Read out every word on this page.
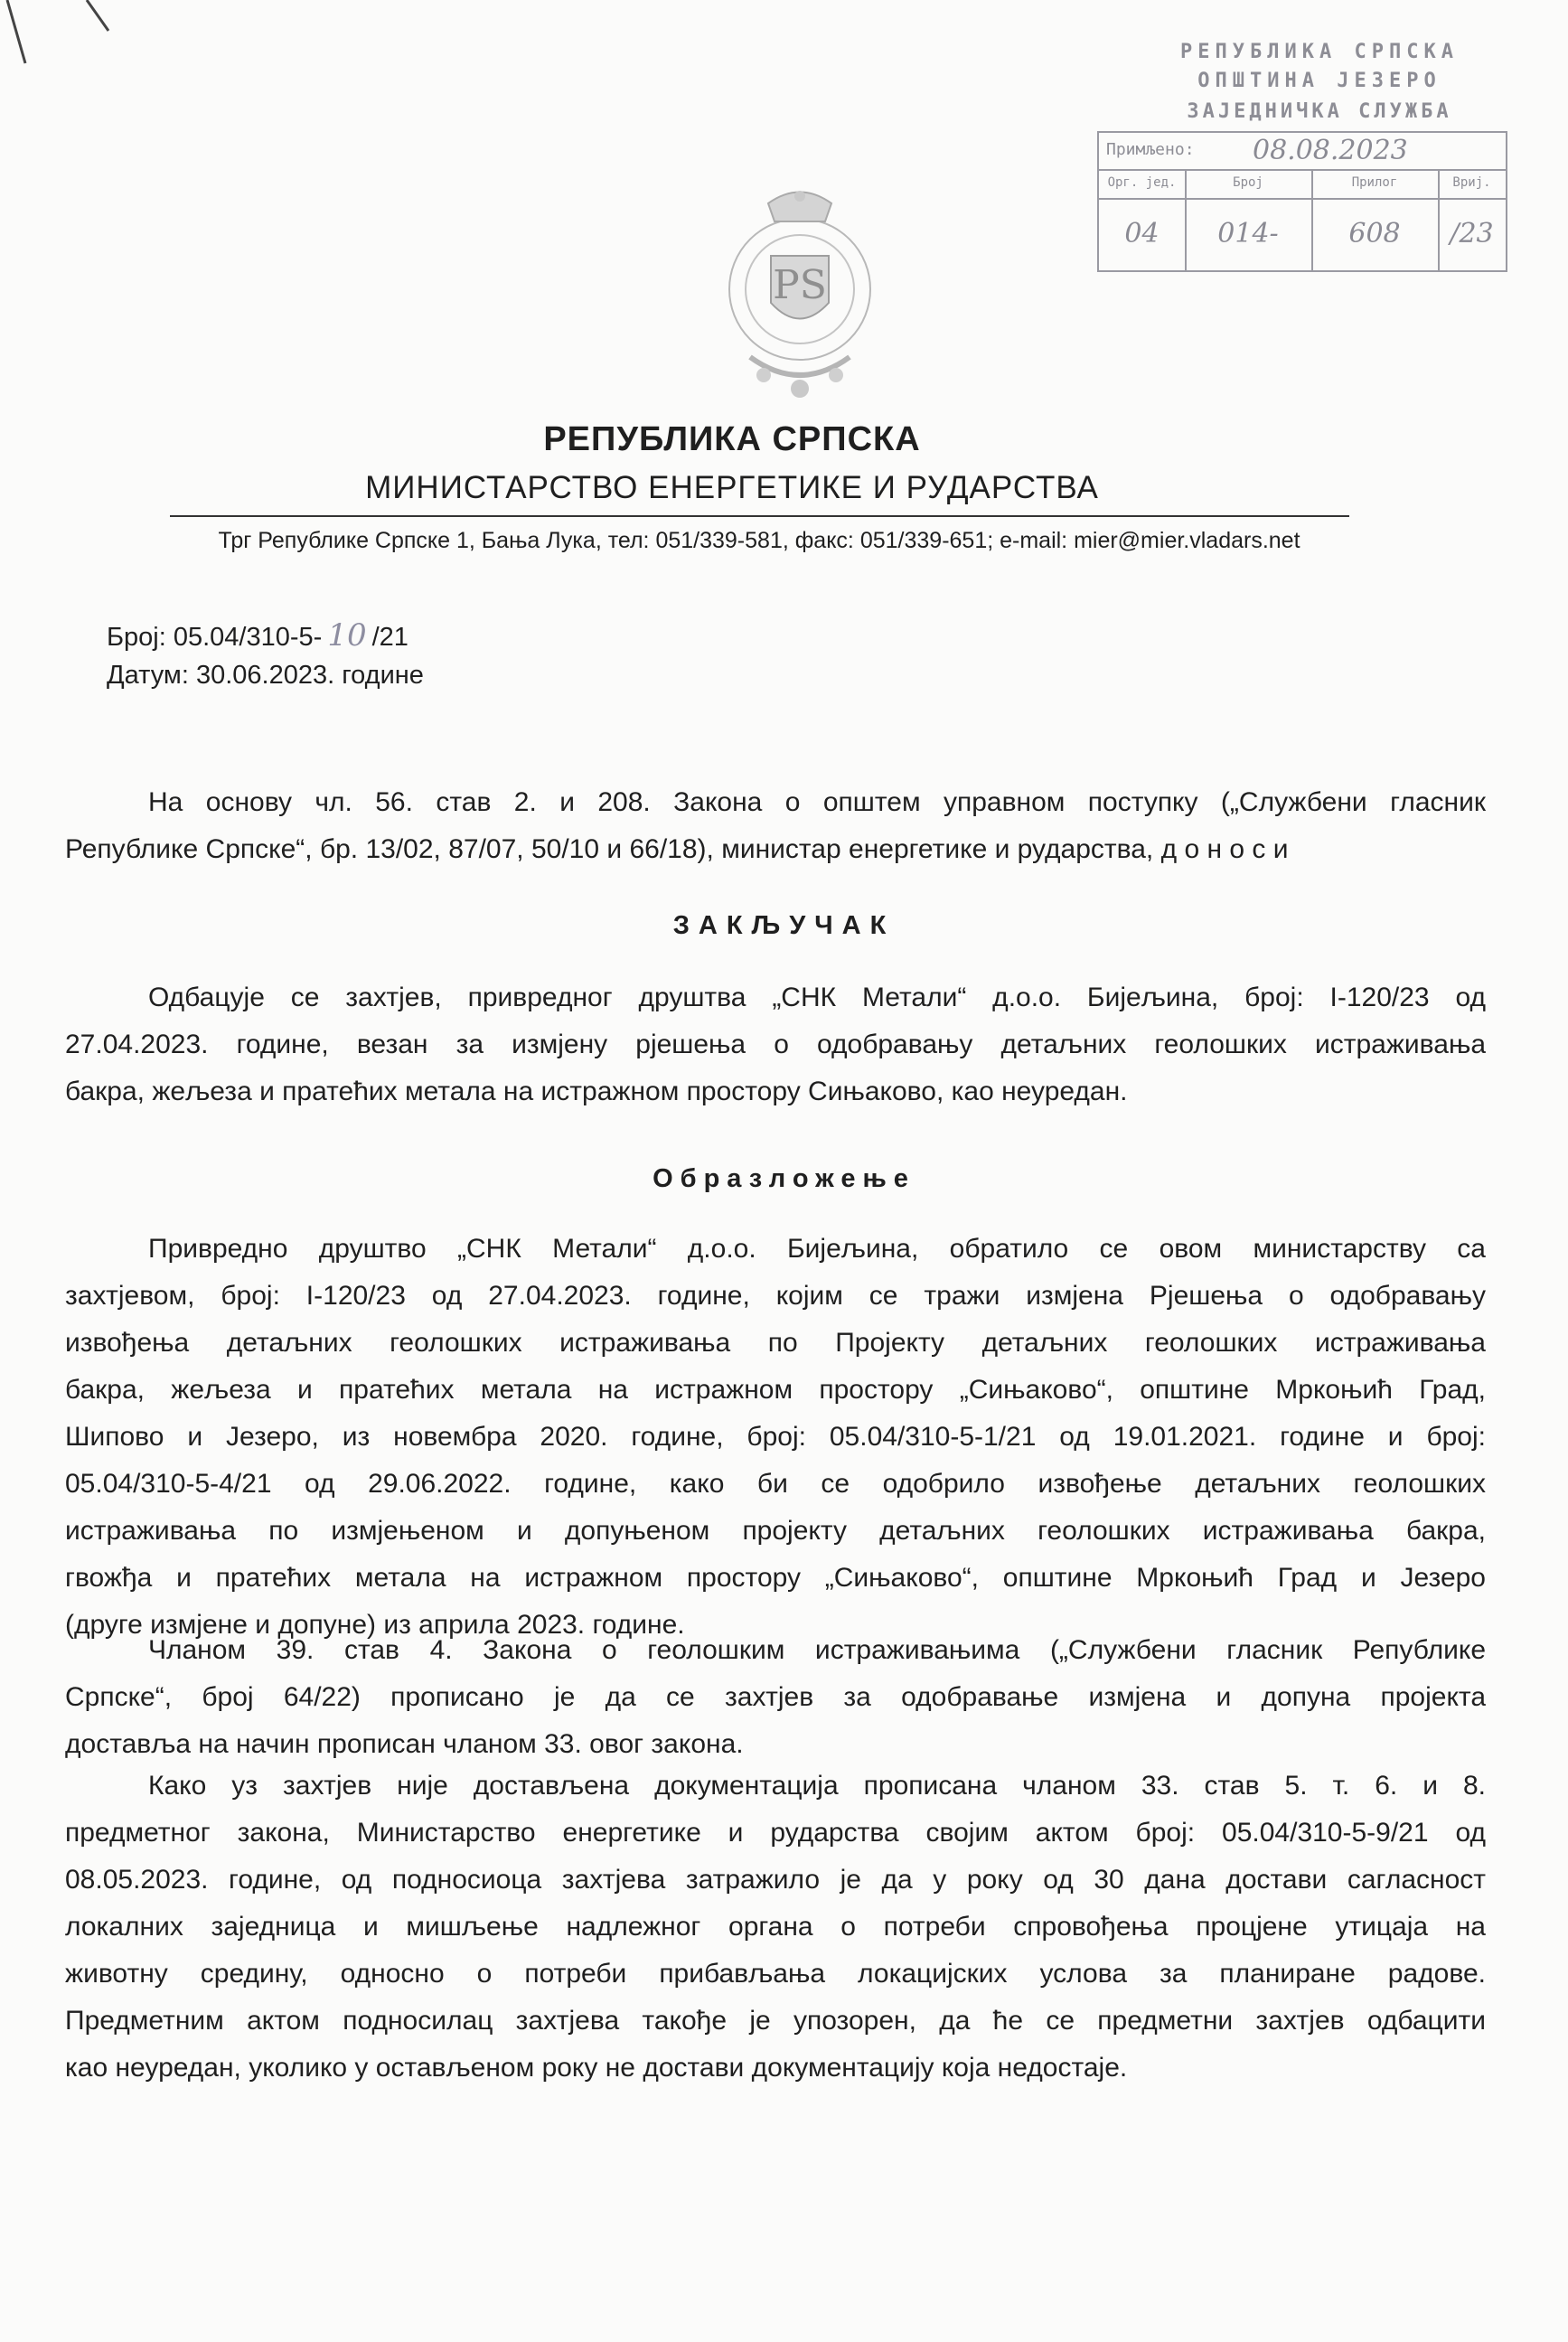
РЕПУБЛИКА СРПСКА
ОПШТИНА ЈЕЗЕРО
ЗАЈЕДНИЧКА СЛУЖБА
Примљено: 08.08.2023
Орг. јед.	Број	Прилог	Вриј.
04	014-	608	/23
РЅ
РЕПУБЛИКА СРПСКА
МИНИСТАРСТВО ЕНЕРГЕТИКЕ И РУДАРСТВА
Трг Републике Српске 1, Бања Лука, тел: 051/339-581, факс: 051/339-651; e-mail: mier@mier.vladars.net
Број: 05.04/310-5- 10 /21
Датум: 30.06.2023. године
На основу чл. 56. став 2. и 208. Закона о општем управном поступку („Службени гласник
Републике Српске“, бр. 13/02, 87/07, 50/10 и 66/18), министар енергетике и рударства, д о н о с и
ЗАКЉУЧАК
Одбацује се захтјев, привредног друштва „СНК Метали“ д.о.о. Бијељина, број: I-120/23 од
27.04.2023. године, везан за измјену рјешења о одобравању детаљних геолошких истраживања
бакра, жељеза и пратећих метала на истражном простору Сињаково, као неуредан.
Образложење
Привредно друштво „СНК Метали“ д.о.о. Бијељина, обратило се овом министарству са
захтјевом, број: I-120/23 од 27.04.2023. године, којим се тражи измјена Рјешења о одобравању
извођења детаљних геолошких истраживања по Пројекту детаљних геолошких истраживања
бакра, жељеза и пратећих метала на истражном простору „Сињаково“, општине Мркоњић Град,
Шипово и Језеро, из новембра 2020. године, број: 05.04/310-5-1/21 од 19.01.2021. године и број:
05.04/310-5-4/21 од 29.06.2022. године, како би се одобрило извођење детаљних геолошких
истраживања по измјењеном и допуњеном пројекту детаљних геолошких истраживања бакра,
гвожђа и пратећих метала на истражном простору „Сињаково“, општине Мркоњић Град и Језеро
(друге измјене и допуне) из априла 2023. године.
Чланом 39. став 4. Закона о геолошким истраживањима („Службени гласник Републике
Српске“, број 64/22) прописано је да се захтјев за одобравање измјена и допуна пројекта
доставља на начин прописан чланом 33. овог закона.
Како уз захтјев није достављена документација прописана чланом 33. став 5. т. 6. и 8.
предметног закона, Министарство енергетике и рударства својим актом број: 05.04/310-5-9/21 од
08.05.2023. године, од подносиоца захтјева затражило је да у року од 30 дана достави сагласност
локалних заједница и мишљење надлежног органа о потреби спровођења процјене утицаја на
животну средину, односно о потреби прибављања локацијских услова за планиране радове.
Предметним актом подносилац захтјева такође је упозорен, да ће се предметни захтјев одбацити
као неуредан, уколико у остављеном року не достави документацију која недостаје.
